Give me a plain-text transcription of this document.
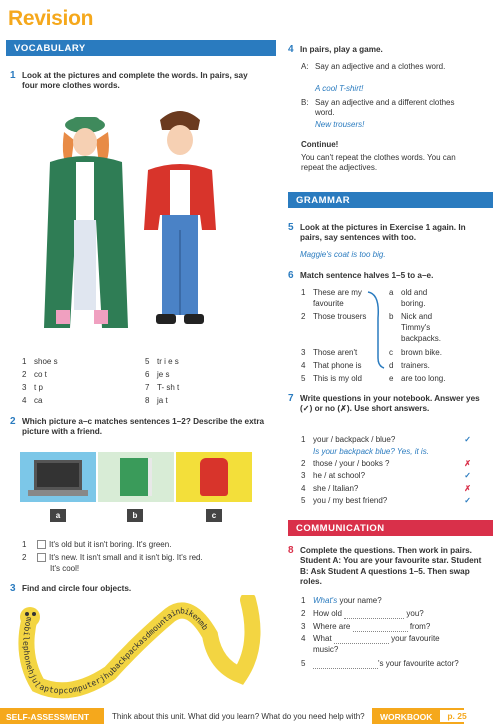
Revision
VOCABULARY
1 Look at the pictures and complete the words. In pairs, say four more clothes words.
1 shoe s
2 co t
3 t p
4 ca
5 tr i e s
6 je s
7 T- sh t
8 ja t
2 Which picture a–c matches sentences 1–2? Describe the extra picture with a friend.
a	b	c
1	It's old but it isn't boring. It's green.
2	It's new. It isn't small and it isn't big. It's red.
It's cool!
3 Find and circle four objects.
mobilephonehjulaptopcomputerjhubackpackasdmountainbikenmb
4 In pairs, play a game.
A: Say an adjective and a clothes word.
A cool T-shirt!
B: Say an adjective and a different clothes word.
New trousers!
Continue!
You can't repeat the clothes words. You can repeat the adjectives.
GRAMMAR
5 Look at the pictures in Exercise 1 again. In pairs, say sentences with too.
Maggie's coat is too big.
6 Match sentence halves 1–5 to a–e.
1 These are my
favourite
2 Those trousers
3 Those aren't
4 That phone is
5 This is my old
a old and
boring.
b Nick and
Timmy's
backpacks.
c brown bike.
d trainers.
e are too long.
7 Write questions in your notebook. Answer yes (✓) or no (✗). Use short answers.
1 your / backpack / blue?	✓
Is your backpack blue? Yes, it is.
2 those / your / books ?	✗
3 he / at school?	✓
4 she / Italian?	✗
5 you / my best friend?	✓
COMMUNICATION
8 Complete the questions. Then work in pairs. Student A: You are your favourite star. Student B: Ask Student A questions 1–5. Then swap roles.
1 What's your name?
2 How old	you?
3 Where are	from?
4 What	your favourite
music?
5	's your favourite actor?
SELF-ASSESSMENT	Think about this unit. What did you learn? What do you need help with?	WORKBOOK	p. 25
